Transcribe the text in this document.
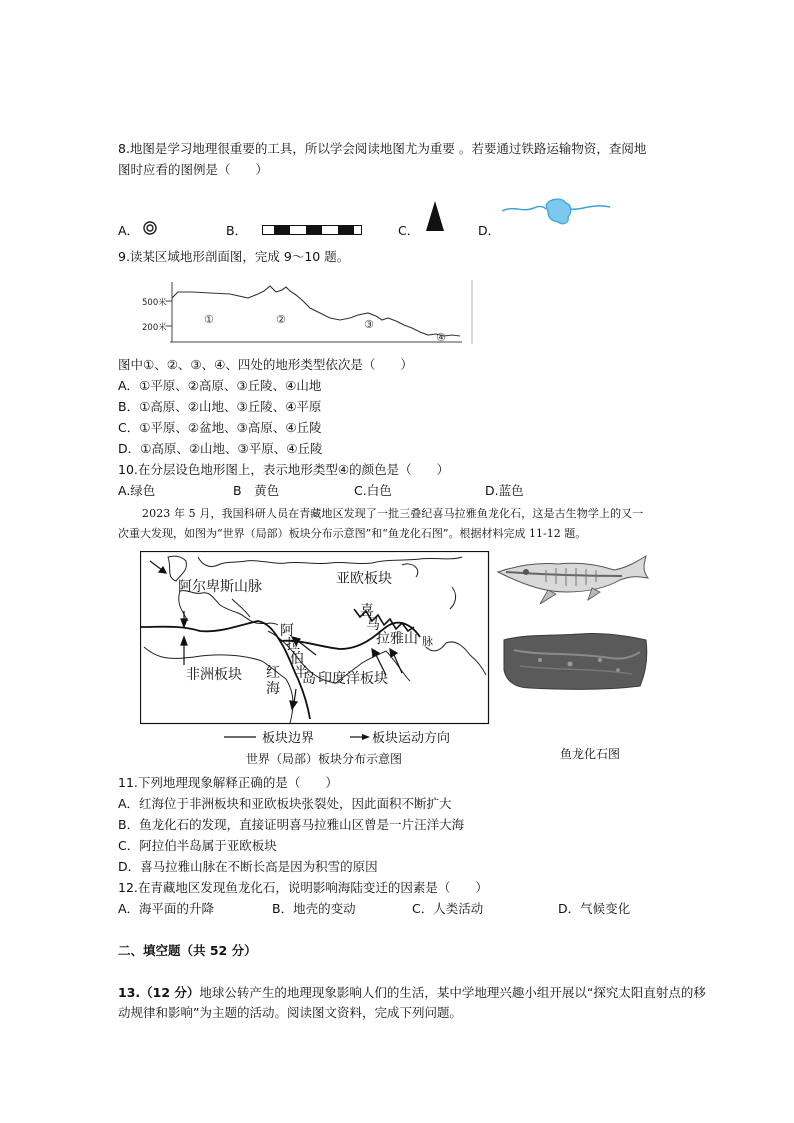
8.地图是学习地理很重要的工具，所以学会阅读地图尤为重要 。若要通过铁路运输物资，查阅地
图时应看的图例是（　　）
A．	B．	C．	D．
9.读某区域地形剖面图，完成 9～10 题。
500米
200米
①	②	③
④
图中①、②、③、④、四处的地形类型依次是（　　）
A．①平原、②高原、③丘陵、④山地
B．①高原、②山地、③丘陵、④平原
C．①平原、②盆地、③高原、④丘陵
D．①高原、②山地、③平原、④丘陵
10.在分层设色地形图上，表示地形类型④的颜色是（　　）
A.绿色	B　黄色	C.白色	D.蓝色
2023 年 5 月，我国科研人员在青藏地区发现了一批三叠纪喜马拉雅鱼龙化石，这是古生物学上的又一
次重大发现，如图为“世界（局部）板块分布示意图”和“鱼龙化石图”。根据材料完成 11-12 题。
阿尔卑斯山脉	亚欧板块
非洲板块	印度洋板块
阿
拉
伯
半
岛
红
海
喜
马
拉 雅山 脉
板块边界	板块运动方向
世界（局部）板块分布示意图	鱼龙化石图
11.下列地理现象解释正确的是（　　）
A．红海位于非洲板块和亚欧板块张裂处，因此面积不断扩大
B．鱼龙化石的发现，直接证明喜马拉雅山区曾是一片汪洋大海
C．阿拉伯半岛属于亚欧板块
D．喜马拉雅山脉在不断长高是因为积雪的原因
12.在青藏地区发现鱼龙化石，说明影响海陆变迁的因素是（　　）
A．海平面的升降	B．地壳的变动	C．人类活动	D．气候变化
二、填空题（共 52 分）
13.（12 分）地球公转产生的地理现象影响人们的生活，某中学地理兴趣小组开展以“探究太阳直射点的移
动规律和影响”为主题的活动。阅读图文资料，完成下列问题。
